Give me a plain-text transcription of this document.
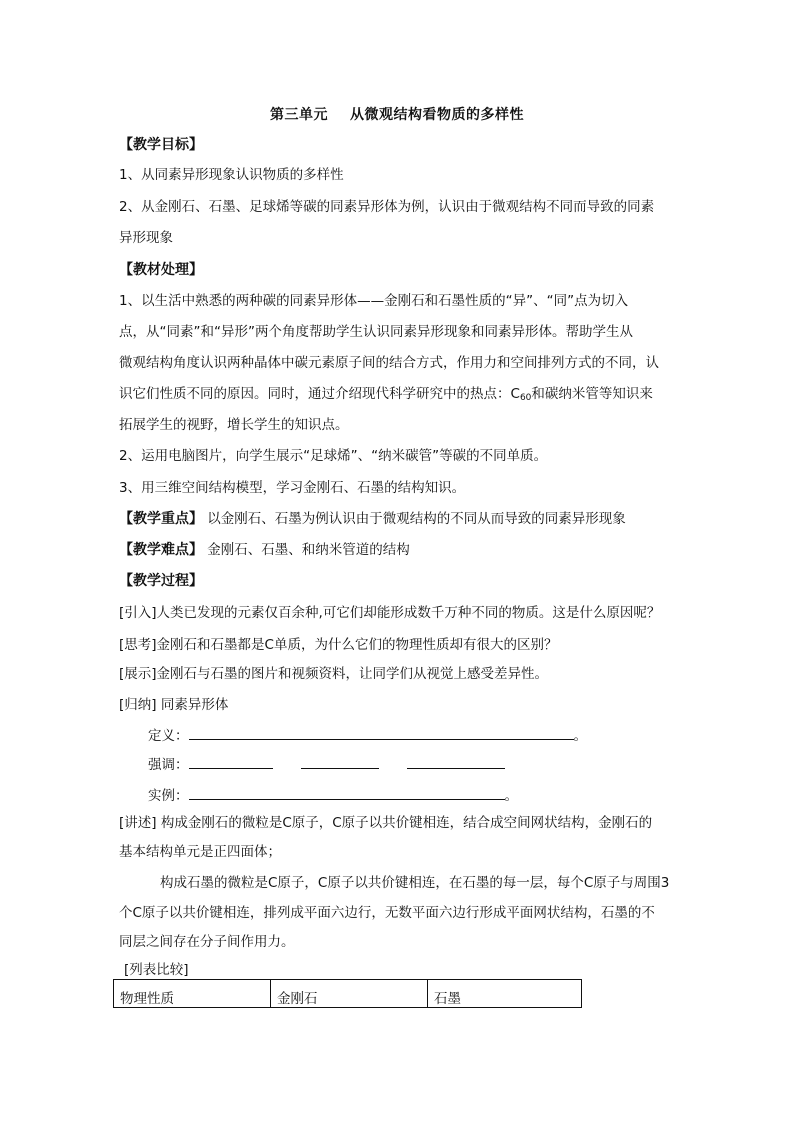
第三单元 从微观结构看物质的多样性
【教学目标】
1、从同素异形现象认识物质的多样性
2、从金刚石、石墨、足球烯等碳的同素异形体为例，认识由于微观结构不同而导致的同素
异形现象
【教材处理】
1、以生活中熟悉的两种碳的同素异形体——金刚石和石墨性质的“异”、“同”点为切入
点，从“同素”和“异形”两个角度帮助学生认识同素异形现象和同素异形体。帮助学生从
微观结构角度认识两种晶体中碳元素原子间的结合方式，作用力和空间排列方式的不同，认
识它们性质不同的原因。同时，通过介绍现代科学研究中的热点：$C_{60}$和碳纳米管等知识来
拓展学生的视野，增长学生的知识点。
2、运用电脑图片，向学生展示“足球烯”、“纳米碳管”等碳的不同单质。
3、用三维空间结构模型，学习金刚石、石墨的结构知识。
【教学重点】 以金刚石、石墨为例认识由于微观结构的不同从而导致的同素异形现象
【教学难点】 金刚石、石墨、和纳米管道的结构
【教学过程】
[引入]人类已发现的元素仅百余种,可它们却能形成数千万种不同的物质。这是什么原因呢？
[思考]金刚石和石墨都是C单质，为什么它们的物理性质却有很大的区别？
[展示]金刚石与石墨的图片和视频资料，让同学们从视觉上感受差异性。
[归纳] 同素异形体
定义：	。
强调：
实例：	。
[讲述] 构成金刚石的微粒是C原子，C原子以共价键相连，结合成空间网状结构，金刚石的
基本结构单元是正四面体；
构成石墨的微粒是C原子，C原子以共价键相连，在石墨的每一层，每个C原子与周围3
个C原子以共价键相连，排列成平面六边行，无数平面六边行形成平面网状结构，石墨的不
同层之间存在分子间作用力。
[列表比较]
物理性质	金刚石	石墨
